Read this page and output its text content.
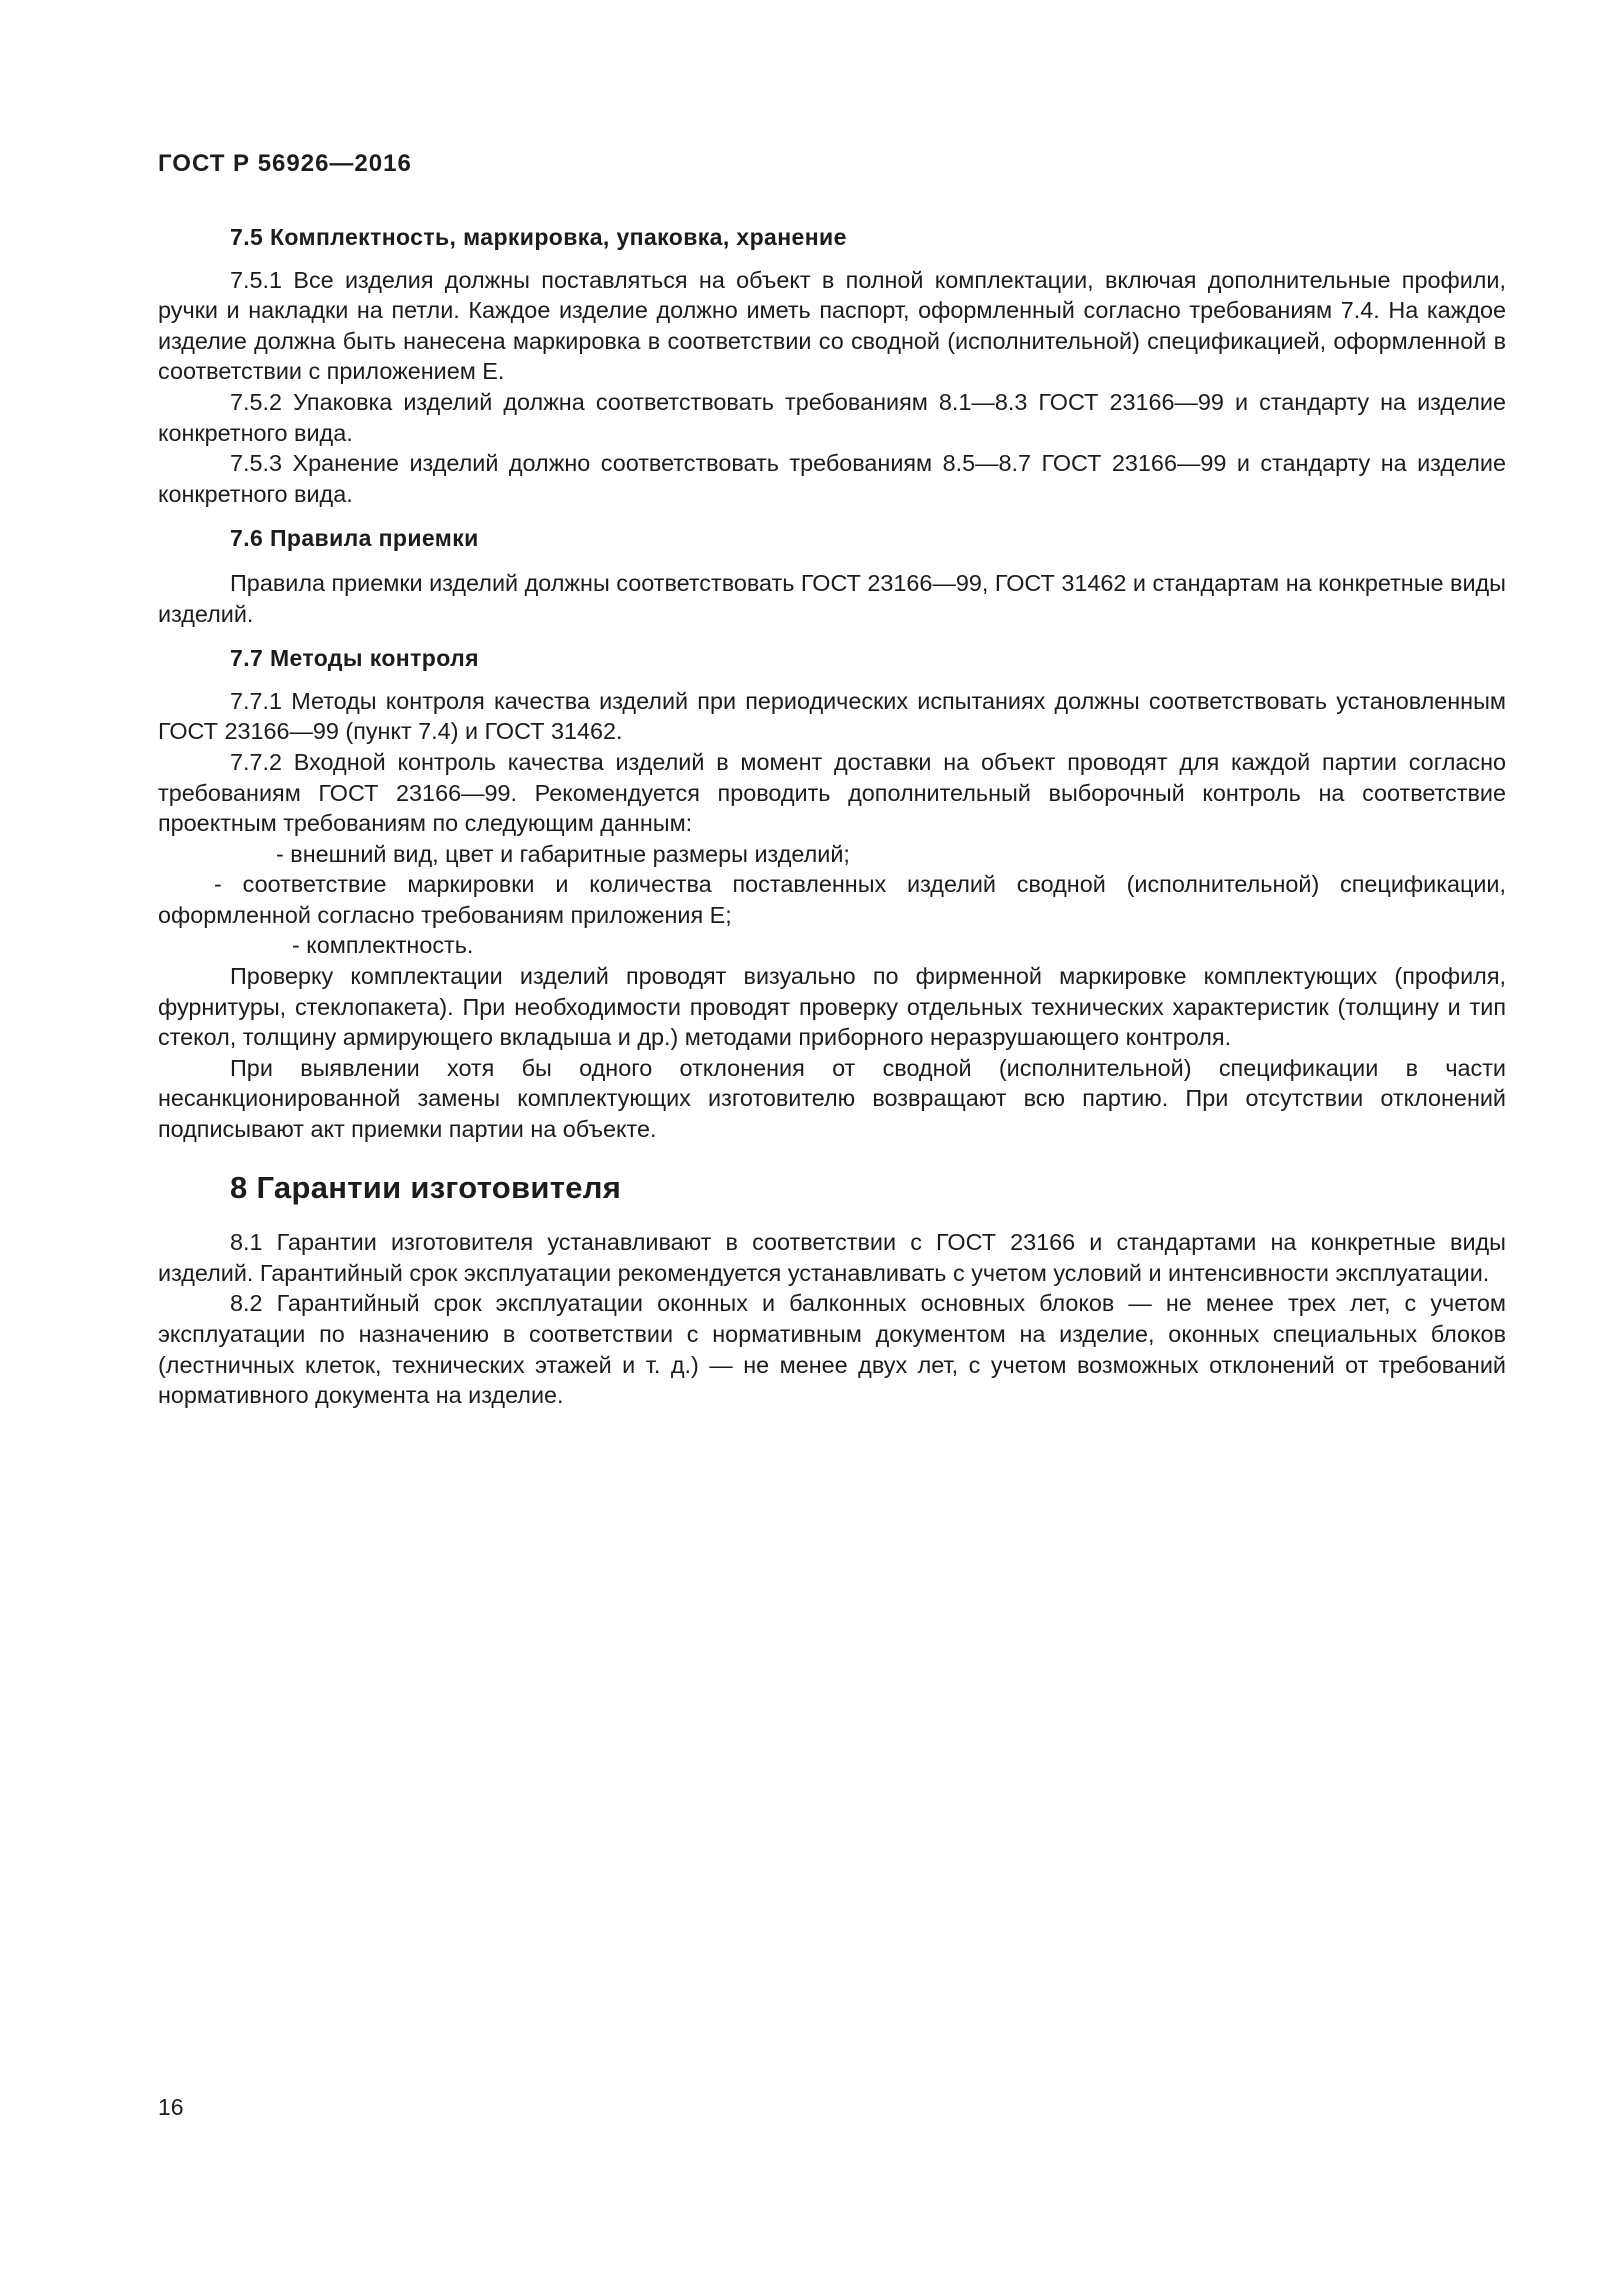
ГОСТ Р 56926—2016
7.5 Комплектность, маркировка, упаковка, хранение

7.5.1 Все изделия должны поставляться на объект в полной комплектации, включая дополнительные профили, ручки и накладки на петли. Каждое изделие должно иметь паспорт, оформленный согласно требованиям 7.4. На каждое изделие должна быть нанесена маркировка в соответствии со сводной (исполнительной) спецификацией, оформленной в соответствии с приложением Е.

7.5.2 Упаковка изделий должна соответствовать требованиям 8.1—8.3 ГОСТ 23166—99 и стандарту на изделие конкретного вида.

7.5.3 Хранение изделий должно соответствовать требованиям 8.5—8.7 ГОСТ 23166—99 и стандарту на изделие конкретного вида.

7.6 Правила приемки

Правила приемки изделий должны соответствовать ГОСТ 23166—99, ГОСТ 31462 и стандартам на конкретные виды изделий.

7.7 Методы контроля

7.7.1 Методы контроля качества изделий при периодических испытаниях должны соответствовать установленным ГОСТ 23166—99 (пункт 7.4) и ГОСТ 31462.

7.7.2 Входной контроль качества изделий в момент доставки на объект проводят для каждой партии согласно требованиям ГОСТ 23166—99. Рекомендуется проводить дополнительный выборочный контроль на соответствие проектным требованиям по следующим данным:

- внешний вид, цвет и габаритные размеры изделий;

- соответствие маркировки и количества поставленных изделий сводной (исполнительной) спецификации, оформленной согласно требованиям приложения Е;

- комплектность.

Проверку комплектации изделий проводят визуально по фирменной маркировке комплектующих (профиля, фурнитуры, стеклопакета). При необходимости проводят проверку отдельных технических характеристик (толщину и тип стекол, толщину армирующего вкладыша и др.) методами приборного неразрушающего контроля.

При выявлении хотя бы одного отклонения от сводной (исполнительной) спецификации в части несанкционированной замены комплектующих изготовителю возвращают всю партию. При отсутствии отклонений подписывают акт приемки партии на объекте.

8 Гарантии изготовителя

8.1 Гарантии изготовителя устанавливают в соответствии с ГОСТ 23166 и стандартами на конкретные виды изделий. Гарантийный срок эксплуатации рекомендуется устанавливать с учетом условий и интенсивности эксплуатации.

8.2 Гарантийный срок эксплуатации оконных и балконных основных блоков — не менее трех лет, с учетом эксплуатации по назначению в соответствии с нормативным документом на изделие, оконных специальных блоков (лестничных клеток, технических этажей и т. д.) — не менее двух лет, с учетом возможных отклонений от требований нормативного документа на изделие.

16
